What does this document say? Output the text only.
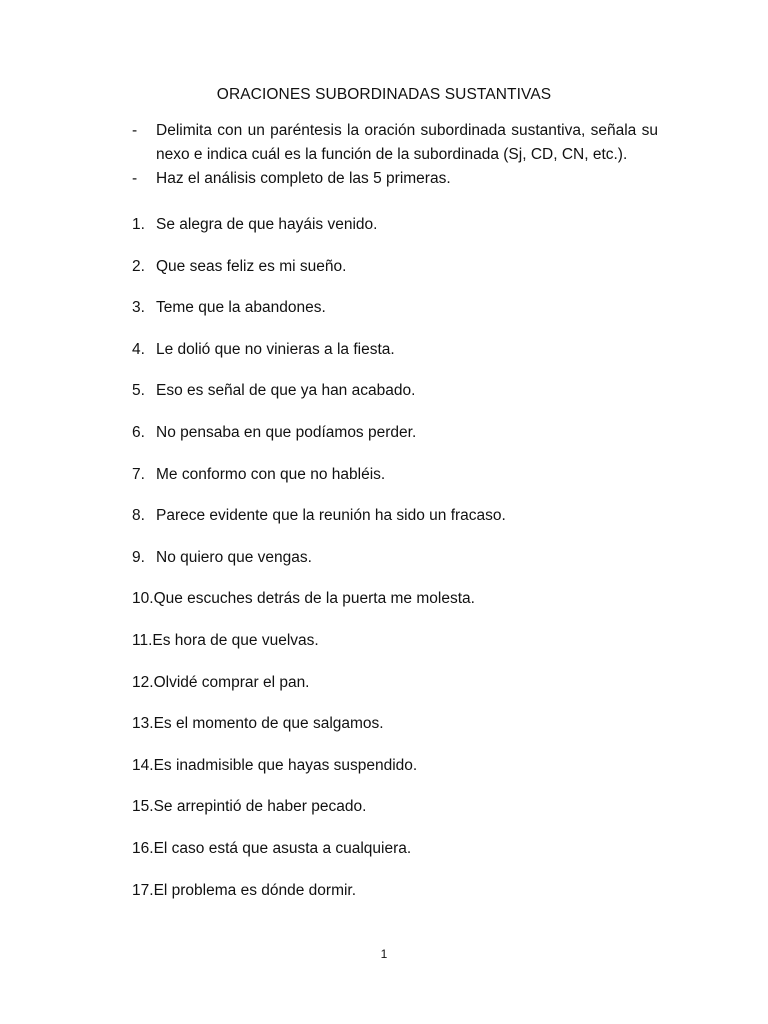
ORACIONES SUBORDINADAS SUSTANTIVAS
-	Delimita con un paréntesis la oración subordinada sustantiva, señala su nexo e indica cuál es la función de la subordinada (Sj, CD, CN, etc.).
-	Haz el análisis completo de las 5 primeras.
1. Se alegra de que hayáis venido.
2. Que seas feliz es mi sueño.
3. Teme que la abandones.
4. Le dolió que no vinieras a la fiesta.
5. Eso es señal de que ya han acabado.
6. No pensaba en que podíamos perder.
7. Me conformo con que no habléis.
8. Parece evidente que la reunión ha sido un fracaso.
9. No quiero que vengas.
10. Que escuches detrás de la puerta me molesta.
11. Es hora de que vuelvas.
12. Olvidé comprar el pan.
13. Es el momento de que salgamos.
14. Es inadmisible que hayas suspendido.
15. Se arrepintió de haber pecado.
16. El caso está que asusta a cualquiera.
17. El problema es dónde dormir.
1
